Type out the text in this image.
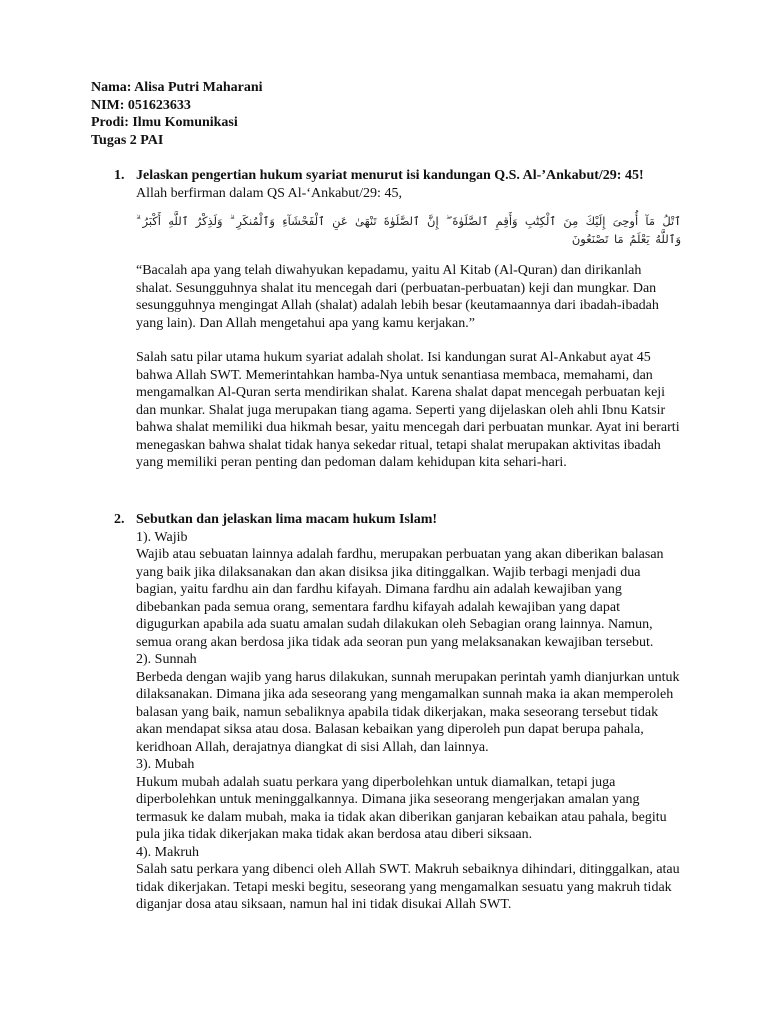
Nama: Alisa Putri Maharani
NIM: 051623633
Prodi: Ilmu Komunikasi
Tugas 2 PAI
1. Jelaskan pengertian hukum syariat menurut isi kandungan Q.S. Al-’Ankabut/29: 45!
Allah berfirman dalam QS Al-‘Ankabut/29: 45,
ٱتْلُ مَآ أُوحِىَ إِلَيْكَ مِنَ ٱلْكِتَٰبِ وَأَقِمِ ٱلصَّلَوٰةَ ۖ إِنَّ ٱلصَّلَوٰةَ تَنْهَىٰ عَنِ ٱلْفَحْشَآءِ وَٱلْمُنكَرِ ۗ وَلَذِكْرُ ٱللَّهِ أَكْبَرُ ۗ وَٱللَّهُ يَعْلَمُ مَا تَصْنَعُونَ
“Bacalah apa yang telah diwahyukan kepadamu, yaitu Al Kitab (Al-Quran) dan dirikanlah shalat. Sesungguhnya shalat itu mencegah dari (perbuatan-perbuatan) keji dan mungkar. Dan sesungguhnya mengingat Allah (shalat) adalah lebih besar (keutamaannya dari ibadah-ibadah yang lain). Dan Allah mengetahui apa yang kamu kerjakan.”
Salah satu pilar utama hukum syariat adalah sholat. Isi kandungan surat Al-Ankabut ayat 45 bahwa Allah SWT. Memerintahkan hamba-Nya untuk senantiasa membaca, memahami, dan mengamalkan Al-Quran serta mendirikan shalat. Karena shalat dapat mencegah perbuatan keji dan munkar. Shalat juga merupakan tiang agama. Seperti yang dijelaskan oleh ahli Ibnu Katsir bahwa shalat memiliki dua hikmah besar, yaitu mencegah dari perbuatan munkar. Ayat ini berarti menegaskan bahwa shalat tidak hanya sekedar ritual, tetapi shalat merupakan aktivitas ibadah yang memiliki peran penting dan pedoman dalam kehidupan kita sehari-hari.
2. Sebutkan dan jelaskan lima macam hukum Islam!
1). Wajib
Wajib atau sebuatan lainnya adalah fardhu, merupakan perbuatan yang akan diberikan balasan yang baik jika dilaksanakan dan akan disiksa jika ditinggalkan. Wajib terbagi menjadi dua bagian, yaitu fardhu ain dan fardhu kifayah. Dimana fardhu ain adalah kewajiban yang dibebankan pada semua orang, sementara fardhu kifayah adalah kewajiban yang dapat digugurkan apabila ada suatu amalan sudah dilakukan oleh Sebagian orang lainnya. Namun, semua orang akan berdosa jika tidak ada seoran pun yang melaksanakan kewajiban tersebut.
2). Sunnah
Berbeda dengan wajib yang harus dilakukan, sunnah merupakan perintah yamh dianjurkan untuk dilaksanakan. Dimana jika ada seseorang yang mengamalkan sunnah maka ia akan memperoleh balasan yang baik, namun sebaliknya apabila tidak dikerjakan, maka seseorang tersebut tidak akan mendapat siksa atau dosa. Balasan kebaikan yang diperoleh pun dapat berupa pahala, keridhoan Allah, derajatnya diangkat di sisi Allah, dan lainnya.
3). Mubah
Hukum mubah adalah suatu perkara yang diperbolehkan untuk diamalkan, tetapi juga diperbolehkan untuk meninggalkannya. Dimana jika seseorang mengerjakan amalan yang termasuk ke dalam mubah, maka ia tidak akan diberikan ganjaran kebaikan atau pahala, begitu pula jika tidak dikerjakan maka tidak akan berdosa atau diberi siksaan.
4). Makruh
Salah satu perkara yang dibenci oleh Allah SWT. Makruh sebaiknya dihindari, ditinggalkan, atau tidak dikerjakan. Tetapi meski begitu, seseorang yang mengamalkan sesuatu yang makruh tidak diganjar dosa atau siksaan, namun hal ini tidak disukai Allah SWT.
